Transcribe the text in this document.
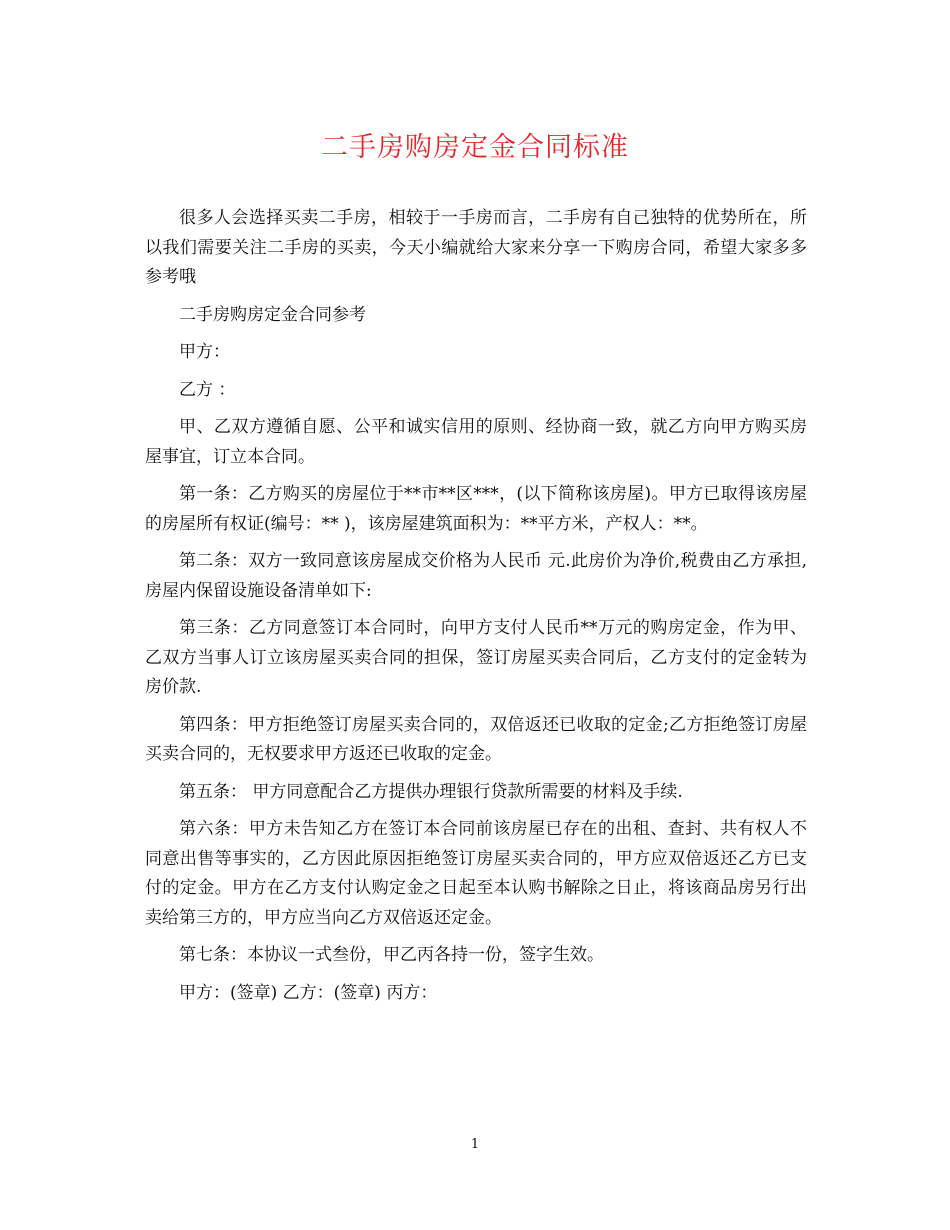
二手房购房定金合同标准

很多人会选择买卖二手房，相较于一手房而言，二手房有自己独特的优势所在，所以我们需要关注二手房的买卖，今天小编就给大家来分享一下购房合同，希望大家多多参考哦

二手房购房定金合同参考

甲方：

乙方 ：

甲、乙双方遵循自愿、公平和诚实信用的原则、经协商一致，就乙方向甲方购买房屋事宜，订立本合同。

第一条：乙方购买的房屋位于**市**区***，(以下简称该房屋)。甲方已取得该房屋的房屋所有权证(编号：** )，该房屋建筑面积为：**平方米，产权人：**。

第二条：双方一致同意该房屋成交价格为人民币 元.此房价为净价,税费由乙方承担,房屋内保留设施设备清单如下:

第三条：乙方同意签订本合同时，向甲方支付人民币**万元的购房定金，作为甲、乙双方当事人订立该房屋买卖合同的担保，签订房屋买卖合同后，乙方支付的定金转为房价款.

第四条：甲方拒绝签订房屋买卖合同的，双倍返还已收取的定金;乙方拒绝签订房屋买卖合同的，无权要求甲方返还已收取的定金。

第五条： 甲方同意配合乙方提供办理银行贷款所需要的材料及手续.

第六条：甲方未告知乙方在签订本合同前该房屋已存在的出租、查封、共有权人不同意出售等事实的，乙方因此原因拒绝签订房屋买卖合同的，甲方应双倍返还乙方已支付的定金。甲方在乙方支付认购定金之日起至本认购书解除之日止，将该商品房另行出卖给第三方的，甲方应当向乙方双倍返还定金。

第七条：本协议一式叁份，甲乙丙各持一份，签字生效。

甲方：(签章) 乙方：(签章) 丙方：

1
